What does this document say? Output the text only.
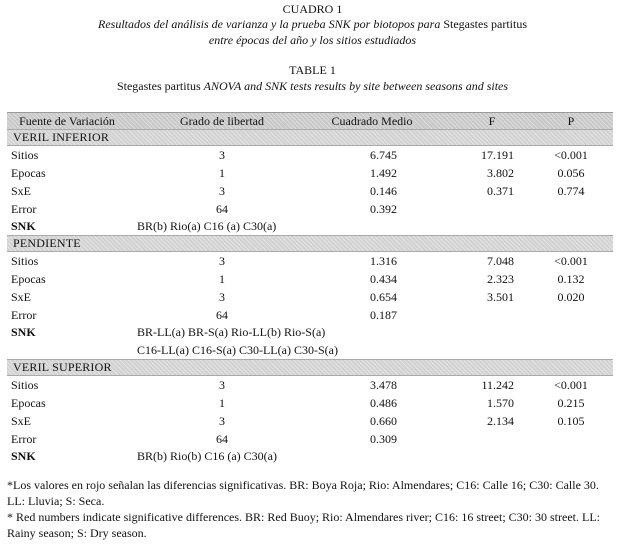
CUADRO 1
Resultados del análisis de varianza y la prueba SNK por biotopos para Stegastes partitus
entre épocas del año y los sitios estudiados
TABLE 1
Stegastes partitus ANOVA and SNK tests results by site between seasons and sites
Fuente de Variación	Grado de libertad	Cuadrado Medio	F	P
VERIL INFERIOR
Sitios	3	6.745	17.191	<0.001
Epocas	1	1.492	3.802	0.056
SxE	3	0.146	0.371	0.774
Error	64	0.392
SNK	BR(b) Rio(a) C16 (a) C30(a)
PENDIENTE
Sitios	3	1.316	7.048	<0.001
Epocas	1	0.434	2.323	0.132
SxE	3	0.654	3.501	0.020
Error	64	0.187
SNK	BR-LL(a) BR-S(a) Rio-LL(b) Rio-S(a)
C16-LL(a) C16-S(a) C30-LL(a) C30-S(a)
VERIL SUPERIOR
Sitios	3	3.478	11.242	<0.001
Epocas	1	0.486	1.570	0.215
SxE	3	0.660	2.134	0.105
Error	64	0.309
SNK	BR(b) Rio(b) C16 (a) C30(a)
*Los valores en rojo señalan las diferencias significativas. BR: Boya Roja; Rio: Almendares; C16: Calle 16; C30: Calle 30. LL: Lluvia; S: Seca.
* Red numbers indicate significative differences. BR: Red Buoy; Rio: Almendares river; C16: 16 street; C30: 30 street. LL: Rainy season; S: Dry season.
